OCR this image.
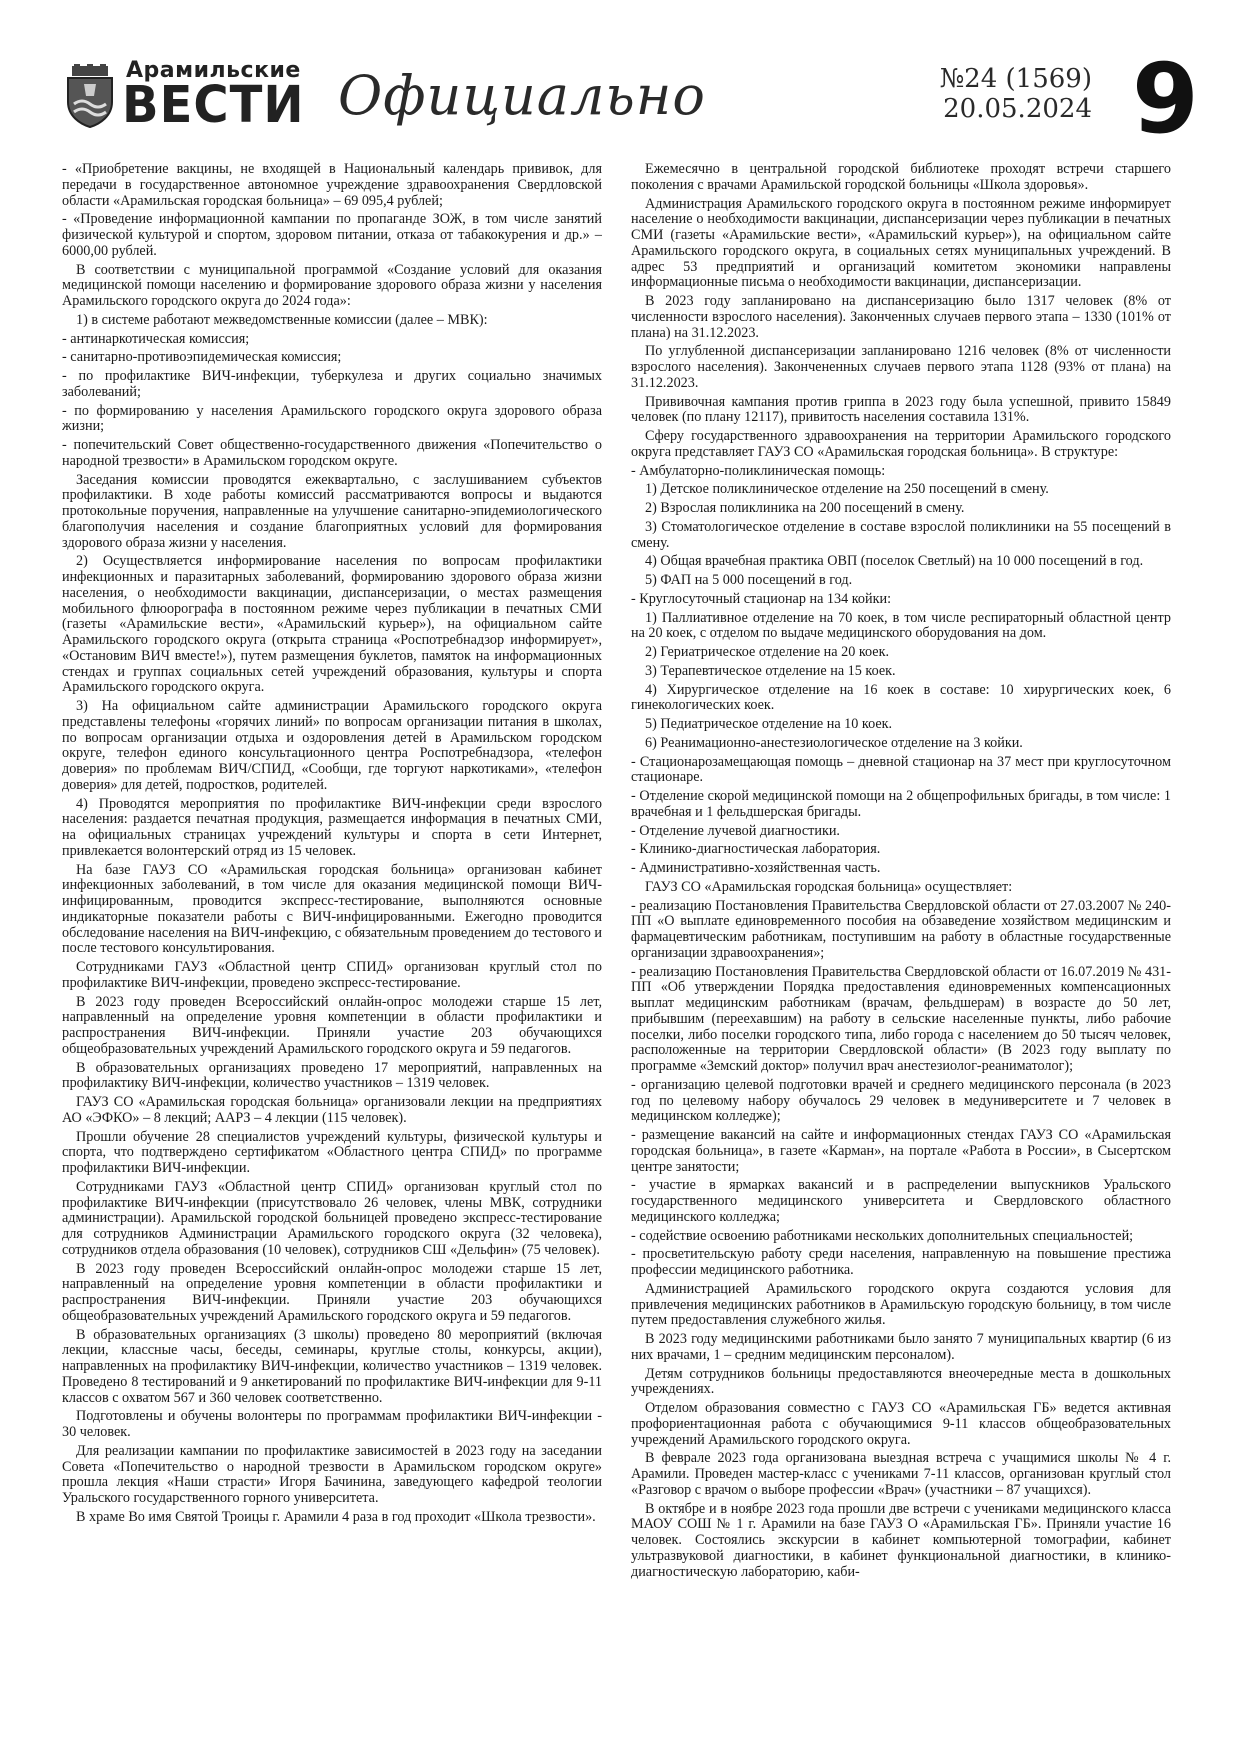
Арамильские
ВЕСТИ Официально	№24 (1569)
20.05.2024 9

- «Приобретение вакцины, не входящей в Национальный календарь прививок, для передачи в государственное автономное учреждение здравоохранения Свердловской области «Арамильская городская больница» – 69 095,4 рублей;

- «Проведение информационной кампании по пропаганде ЗОЖ, в том числе занятий физической культурой и спортом, здоровом питании, отказа от табакокурения и др.» – 6000,00 рублей.

В соответствии с муниципальной программой «Создание условий для оказания медицинской помощи населению и формирование здорового образа жизни у населения Арамильского городского округа до 2024 года»:

1) в системе работают межведомственные комиссии (далее – МВК):

- антинаркотическая комиссия;

- санитарно-противоэпидемическая комиссия;

- по профилактике ВИЧ-инфекции, туберкулеза и других социально значимых заболеваний;

- по формированию у населения Арамильского городского округа здорового образа жизни;

- попечительский Совет общественно-государственного движения «Попечительство о народной трезвости» в Арамильском городском округе.

Заседания комиссии проводятся ежеквартально, с заслушиванием субъектов профилактики. В ходе работы комиссий рассматриваются вопросы и выдаются протокольные поручения, направленные на улучшение санитарно-эпидемиологического благополучия населения и создание благоприятных условий для формирования здорового образа жизни у населения.

2) Осуществляется информирование населения по вопросам профилактики инфекционных и паразитарных заболеваний, формированию здорового образа жизни населения, о необходимости вакцинации, диспансеризации, о местах размещения мобильного флюорографа в постоянном режиме через публикации в печатных СМИ (газеты «Арамильские вести», «Арамильский курьер»), на официальном сайте Арамильского городского округа (открыта страница «Роспотребнадзор информирует», «Остановим ВИЧ вместе!»), путем размещения буклетов, памяток на информационных стендах и группах социальных сетей учреждений образования, культуры и спорта Арамильского городского округа.

3) На официальном сайте администрации Арамильского городского округа представлены телефоны «горячих линий» по вопросам организации питания в школах, по вопросам организации отдыха и оздоровления детей в Арамильском городском округе, телефон единого консультационного центра Роспотребнадзора, «телефон доверия» по проблемам ВИЧ/СПИД, «Сообщи, где торгуют наркотиками», «телефон доверия» для детей, подростков, родителей.

4) Проводятся мероприятия по профилактике ВИЧ-инфекции среди взрослого населения: раздается печатная продукция, размещается информация в печатных СМИ, на официальных страницах учреждений культуры и спорта в сети Интернет, привлекается волонтерский отряд из 15 человек.

На базе ГАУЗ СО «Арамильская городская больница» организован кабинет инфекционных заболеваний, в том числе для оказания медицинской помощи ВИЧ-инфицированным, проводится экспресс-тестирование, выполняются основные индикаторные показатели работы с ВИЧ-инфицированными. Ежегодно проводится обследование населения на ВИЧ-инфекцию, с обязательным проведением до тестового и после тестового консультирования.

Сотрудниками ГАУЗ «Областной центр СПИД» организован круглый стол по профилактике ВИЧ-инфекции, проведено экспресс-тестирование.

В 2023 году проведен Всероссийский онлайн-опрос молодежи старше 15 лет, направленный на определение уровня компетенции в области профилактики и распространения ВИЧ-инфекции. Приняли участие 203 обучающихся общеобразовательных учреждений Арамильского городского округа и 59 педагогов.

В образовательных организациях проведено 17 мероприятий, направленных на профилактику ВИЧ-инфекции, количество участников – 1319 человек.

ГАУЗ СО «Арамильская городская больница» организовали лекции на предприятиях АО «ЭФКО» – 8 лекций; ААРЗ – 4 лекции (115 человек).

Прошли обучение 28 специалистов учреждений культуры, физической культуры и спорта, что подтверждено сертификатом «Областного центра СПИД» по программе профилактики ВИЧ-инфекции.

Сотрудниками ГАУЗ «Областной центр СПИД» организован круглый стол по профилактике ВИЧ-инфекции (присутствовало 26 человек, члены МВК, сотрудники администрации). Арамильской городской больницей проведено экспресс-тестирование для сотрудников Администрации Арамильского городского округа (32 человека), сотрудников отдела образования (10 человек), сотрудников СШ «Дельфин» (75 человек).

В 2023 году проведен Всероссийский онлайн-опрос молодежи старше 15 лет, направленный на определение уровня компетенции в области профилактики и распространения ВИЧ-инфекции. Приняли участие 203 обучающихся общеобразовательных учреждений Арамильского городского округа и 59 педагогов.

В образовательных организациях (3 школы) проведено 80 мероприятий (включая лекции, классные часы, беседы, семинары, круглые столы, конкурсы, акции), направленных на профилактику ВИЧ-инфекции, количество участников – 1319 человек. Проведено 8 тестирований и 9 анкетирований по профилактике ВИЧ-инфекции для 9-11 классов с охватом 567 и 360 человек соответственно.

Подготовлены и обучены волонтеры по программам профилактики ВИЧ-инфекции - 30 человек.

Для реализации кампании по профилактике зависимостей в 2023 году на заседании Совета «Попечительство о народной трезвости в Арамильском городском округе» прошла лекция «Наши страсти» Игоря Бачинина, заведующего кафедрой теологии Уральского государственного горного университета.

В храме Во имя Святой Троицы г. Арамили 4 раза в год проходит «Школа трезвости».

Ежемесячно в центральной городской библиотеке проходят встречи старшего поколения с врачами Арамильской городской больницы «Школа здоровья».

Администрация Арамильского городского округа в постоянном режиме информирует население о необходимости вакцинации, диспансеризации через публикации в печатных СМИ (газеты «Арамильские вести», «Арамильский курьер»), на официальном сайте Арамильского городского округа, в социальных сетях муниципальных учреждений. В адрес 53 предприятий и организаций комитетом экономики направлены информационные письма о необходимости вакцинации, диспансеризации.

В 2023 году запланировано на диспансеризацию было 1317 человек (8% от численности взрослого населения). Законченных случаев первого этапа – 1330 (101% от плана) на 31.12.2023.

По углубленной диспансеризации запланировано 1216 человек (8% от численности взрослого населения). Закончененных случаев первого этапа 1128 (93% от плана) на 31.12.2023.

Прививочная кампания против гриппа в 2023 году была успешной, привито 15849 человек (по плану 12117), привитость населения составила 131%.

Сферу государственного здравоохранения на территории Арамильского городского округа представляет ГАУЗ СО «Арамильская городская больница». В структуре:

- Амбулаторно-поликлиническая помощь:

1) Детское поликлиническое отделение на 250 посещений в смену.

2) Взрослая поликлиника на 200 посещений в смену.

3) Стоматологическое отделение в составе взрослой поликлиники на 55 посещений в смену.

4) Общая врачебная практика ОВП (поселок Светлый) на 10 000 посещений в год.

5) ФАП на 5 000 посещений в год.

- Круглосуточный стационар на 134 койки:

1) Паллиативное отделение на 70 коек, в том числе респираторный областной центр на 20 коек, с отделом по выдаче медицинского оборудования на дом.

2) Гериатрическое отделение на 20 коек.

3) Терапевтическое отделение на 15 коек.

4) Хирургическое отделение на 16 коек в составе: 10 хирургических коек, 6 гинекологических коек.

5) Педиатрическое отделение на 10 коек.

6) Реанимационно-анестезиологическое отделение на 3 койки.

- Стационарозамещающая помощь – дневной стационар на 37 мест при круглосуточном стационаре.

- Отделение скорой медицинской помощи на 2 общепрофильных бригады, в том числе: 1 врачебная и 1 фельдшерская бригады.

- Отделение лучевой диагностики.

- Клинико-диагностическая лаборатория.

- Административно-хозяйственная часть.

ГАУЗ СО «Арамильская городская больница» осуществляет:

- реализацию Постановления Правительства Свердловской области от 27.03.2007 № 240-ПП «О выплате единовременного пособия на обзаведение хозяйством медицинским и фармацевтическим работникам, поступившим на работу в областные государственные организации здравоохранения»;

- реализацию Постановления Правительства Свердловской области от 16.07.2019 № 431-ПП «Об утверждении Порядка предоставления единовременных компенсационных выплат медицинским работникам (врачам, фельдшерам) в возрасте до 50 лет, прибывшим (переехавшим) на работу в сельские населенные пункты, либо рабочие поселки, либо поселки городского типа, либо города с населением до 50 тысяч человек, расположенные на территории Свердловской области» (В 2023 году выплату по программе «Земский доктор» получил врач анестезиолог-реаниматолог);

- организацию целевой подготовки врачей и среднего медицинского персонала (в 2023 год по целевому набору обучалось 29 человек в медуниверситете и 7 человек в медицинском колледже);

- размещение вакансий на сайте и информационных стендах ГАУЗ СО «Арамильская городская больница», в газете «Карман», на портале «Работа в России», в Сысертском центре занятости;

- участие в ярмарках вакансий и в распределении выпускников Уральского государственного медицинского университета и Свердловского областного медицинского колледжа;

- содействие освоению работниками нескольких дополнительных специальностей;

- просветительскую работу среди населения, направленную на повышение престижа профессии медицинского работника.

Администрацией Арамильского городского округа создаются условия для привлечения медицинских работников в Арамильскую городскую больницу, в том числе путем предоставления служебного жилья.

В 2023 году медицинскими работниками было занято 7 муниципальных квартир (6 из них врачами, 1 – средним медицинским персоналом).

Детям сотрудников больницы предоставляются внеочередные места в дошкольных учреждениях.

Отделом образования совместно с ГАУЗ СО «Арамильская ГБ» ведется активная профориентационная работа с обучающимися 9-11 классов общеобразовательных учреждений Арамильского городского округа.

В феврале 2023 года организована выездная встреча с учащимися школы № 4 г. Арамили. Проведен мастер-класс с учениками 7-11 классов, организован круглый стол «Разговор с врачом о выборе профессии «Врач» (участники – 87 учащихся).

В октябре и в ноябре 2023 года прошли две встречи с учениками медицинского класса МАОУ СОШ № 1 г. Арамили на базе ГАУЗ О «Арамильская ГБ». Приняли участие 16 человек. Состоялись экскурсии в кабинет компьютерной томографии, кабинет ультразвуковой диагностики, в кабинет функциональной диагностики, в клинико-диагностическую лабораторию, каби-
